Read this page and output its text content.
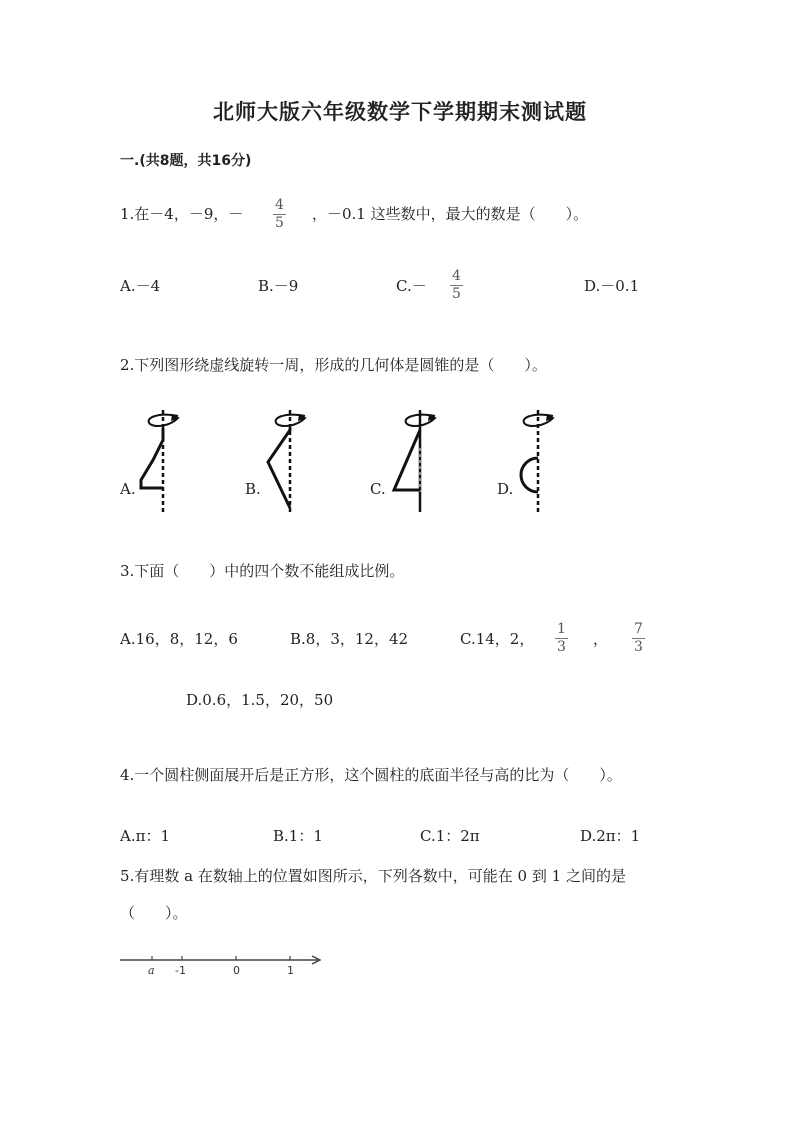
北师大版六年级数学下学期期末测试题
一.(共8题，共16分)
1.在－4，－9，－ 4
5 ，－0.1 这些数中，最大的数是（　　）。
A.－4	B.－9	C.－
4
5	D.－0.1
2.下列图形绕虚线旋转一周，形成的几何体是圆锥的是（　　）。
A.	B.	C.	D.
3.下面（　　）中的四个数不能组成比例。
A.16，8，12，6	B.8，3，12，42	C.14，2，
1
3 ，
7
3
D.0.6，1.5，20，50
4.一个圆柱侧面展开后是正方形，这个圆柱的底面半径与高的比为（　　）。
A.π：1	B.1：1	C.1：2π	D.2π：1
5.有理数 a 在数轴上的位置如图所示，下列各数中，可能在 0 到 1 之间的是
（　　）。
a -1	0	1
